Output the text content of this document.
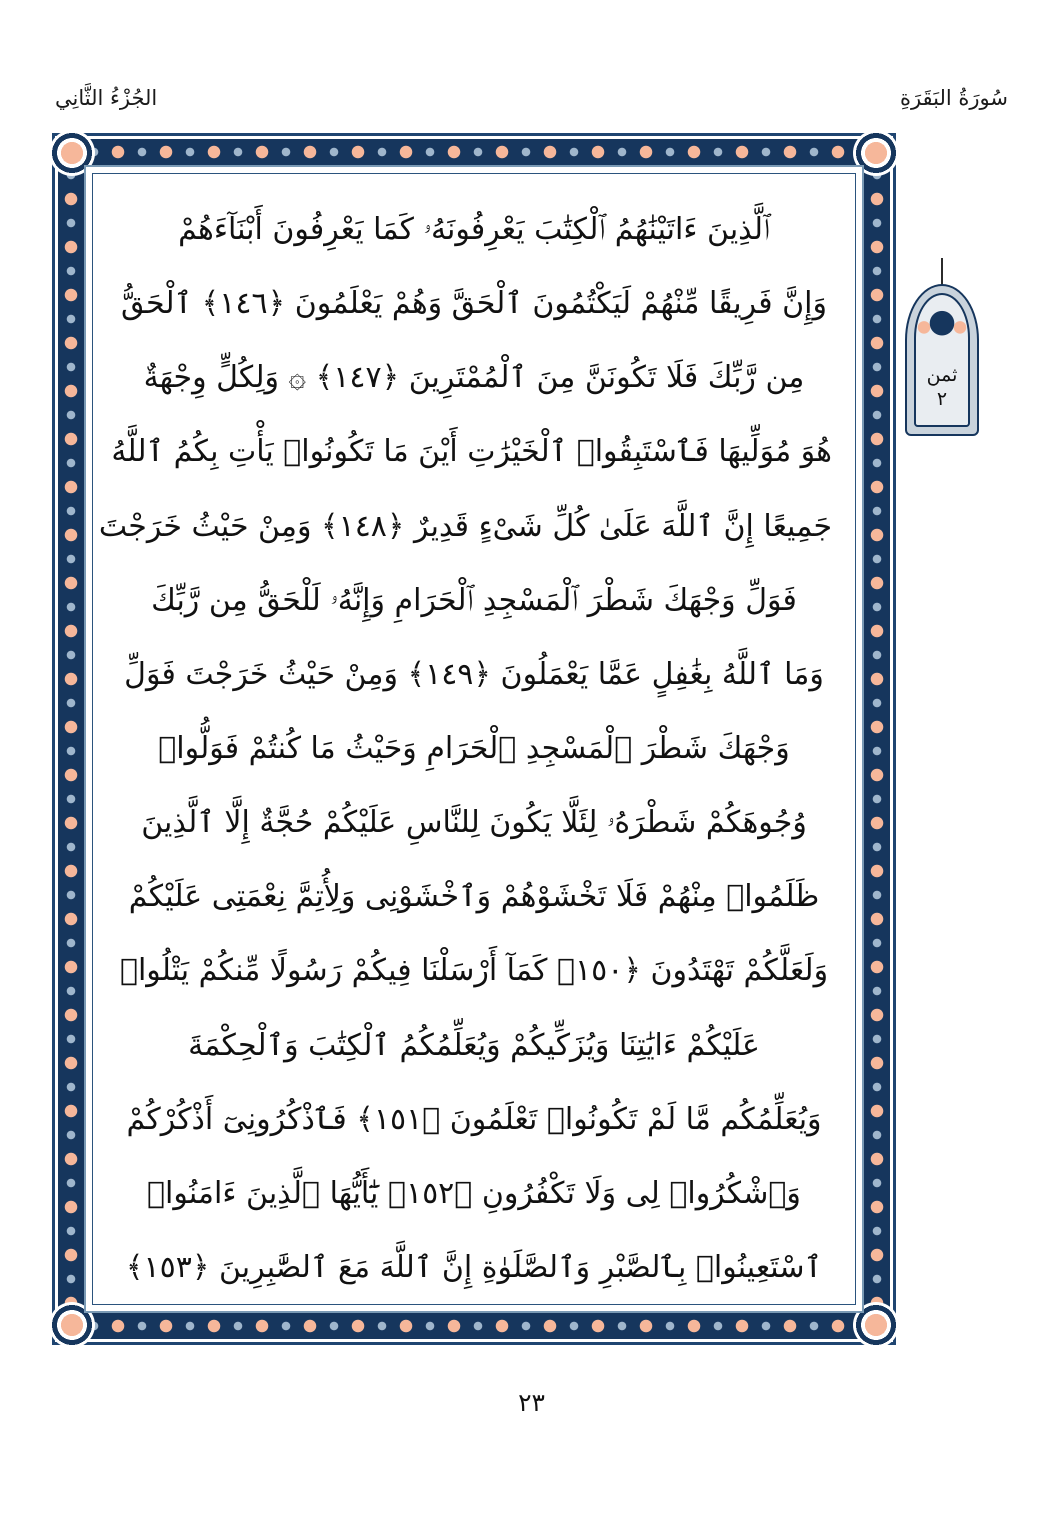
الجُزْءُ الثَّانِي	سُورَةُ البَقَرَةِ
ٱلَّذِينَ ءَاتَيْنَٰهُمُ ٱلْكِتَٰبَ يَعْرِفُونَهُۥ كَمَا يَعْرِفُونَ أَبْنَآءَهُمْ
وَإِنَّ فَرِيقًا مِّنْهُمْ لَيَكْتُمُونَ ٱلْحَقَّ وَهُمْ يَعْلَمُونَ ﴿١٤٦﴾ ٱلْحَقُّ
مِن رَّبِّكَ فَلَا تَكُونَنَّ مِنَ ٱلْمُمْتَرِينَ ﴿١٤٧﴾ ۞ وَلِكُلٍّ وِجْهَةٌ
هُوَ مُوَلِّيهَا فَٱسْتَبِقُوا۟ ٱلْخَيْرَٰتِ أَيْنَ مَا تَكُونُوا۟ يَأْتِ بِكُمُ ٱللَّهُ
جَمِيعًا إِنَّ ٱللَّهَ عَلَىٰ كُلِّ شَىْءٍ قَدِيرٌ ﴿١٤٨﴾ وَمِنْ حَيْثُ خَرَجْتَ
فَوَلِّ وَجْهَكَ شَطْرَ ٱلْمَسْجِدِ ٱلْحَرَامِ وَإِنَّهُۥ لَلْحَقُّ مِن رَّبِّكَ
وَمَا ٱللَّهُ بِغَٰفِلٍ عَمَّا يَعْمَلُونَ ﴿١٤٩﴾ وَمِنْ حَيْثُ خَرَجْتَ فَوَلِّ
وَجْهَكَ شَطْرَ ٱلْمَسْجِدِ ٱلْحَرَامِ وَحَيْثُ مَا كُنتُمْ فَوَلُّوا۟
وُجُوهَكُمْ شَطْرَهُۥ لِئَلَّا يَكُونَ لِلنَّاسِ عَلَيْكُمْ حُجَّةٌ إِلَّا ٱلَّذِينَ
ظَلَمُوا۟ مِنْهُمْ فَلَا تَخْشَوْهُمْ وَٱخْشَوْنِى وَلِأُتِمَّ نِعْمَتِى عَلَيْكُمْ
وَلَعَلَّكُمْ تَهْتَدُونَ ﴿١٥٠﴾ كَمَآ أَرْسَلْنَا فِيكُمْ رَسُولًا مِّنكُمْ يَتْلُوا۟
عَلَيْكُمْ ءَايَٰتِنَا وَيُزَكِّيكُمْ وَيُعَلِّمُكُمُ ٱلْكِتَٰبَ وَٱلْحِكْمَةَ
وَيُعَلِّمُكُم مَّا لَمْ تَكُونُوا۟ تَعْلَمُونَ ﴿١٥١﴾ فَٱذْكُرُونِىٓ أَذْكُرْكُمْ
وَٱشْكُرُوا۟ لِى وَلَا تَكْفُرُونِ ﴿١٥٢﴾ يَٰٓأَيُّهَا ٱلَّذِينَ ءَامَنُوا۟
ٱسْتَعِينُوا۟ بِٱلصَّبْرِ وَٱلصَّلَوٰةِ إِنَّ ٱللَّهَ مَعَ ٱلصَّٰبِرِينَ ﴿١٥٣﴾
ثمن
٢
٢٣
